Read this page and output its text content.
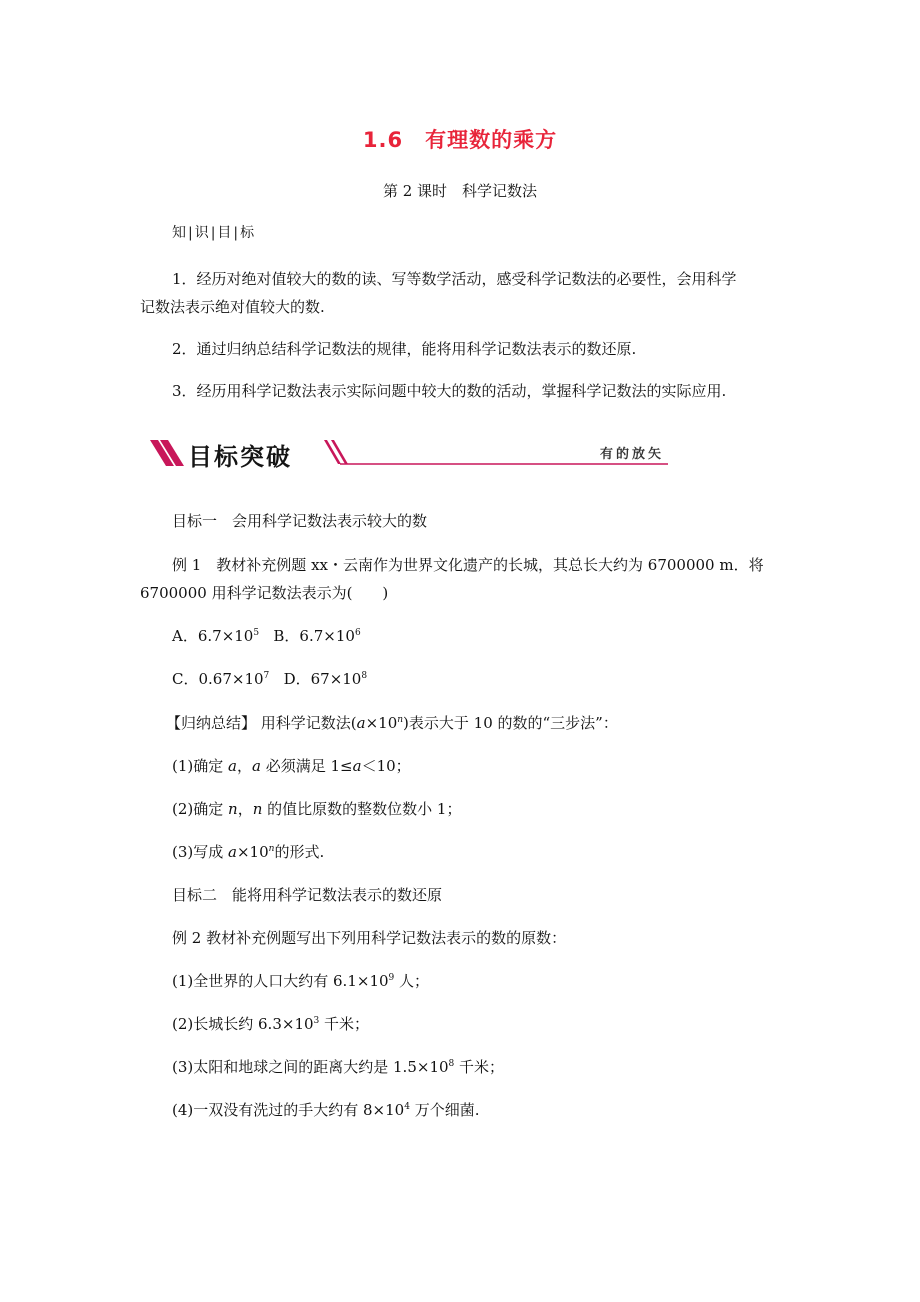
1.6　有理数的乘方
第 2 课时　科学记数法
知|识|目|标
1．经历对绝对值较大的数的读、写等数学活动，感受科学记数法的必要性，会用科学
记数法表示绝对值较大的数.
2．通过归纳总结科学记数法的规律，能将用科学记数法表示的数还原.
3．经历用科学记数法表示实际问题中较大的数的活动，掌握科学记数法的实际应用.
目标突破	有的放矢
目标一　会用科学记数法表示较大的数
例 1　教材补充例题 xx・云南作为世界文化遗产的长城，其总长大约为 6700000 m．将
6700000 用科学记数法表示为(　　)
A．$6.7\times 10^5$ B．$6.7\times 10^6$
C．$0.67\times 10^7$ D．$67\times 10^8$
【归纳总结】 用科学记数法$(a\times 10^n)$表示大于 10 的数的“三步法”：
(1)确定 a，a 必须满足 1≤a＜10；
(2)确定 n，n 的值比原数的整数位数小 1；
(3)写成 $a\times 10^n$的形式.
目标二　能将用科学记数法表示的数还原
例 2 教材补充例题写出下列用科学记数法表示的数的原数：
(1)全世界的人口大约有 $6.1\times 10^9$ 人；
(2)长城长约 $6.3\times 10^3$ 千米；
(3)太阳和地球之间的距离大约是 $1.5\times 10^8$ 千米；
(4)一双没有洗过的手大约有 $8\times 10^4$ 万个细菌.
